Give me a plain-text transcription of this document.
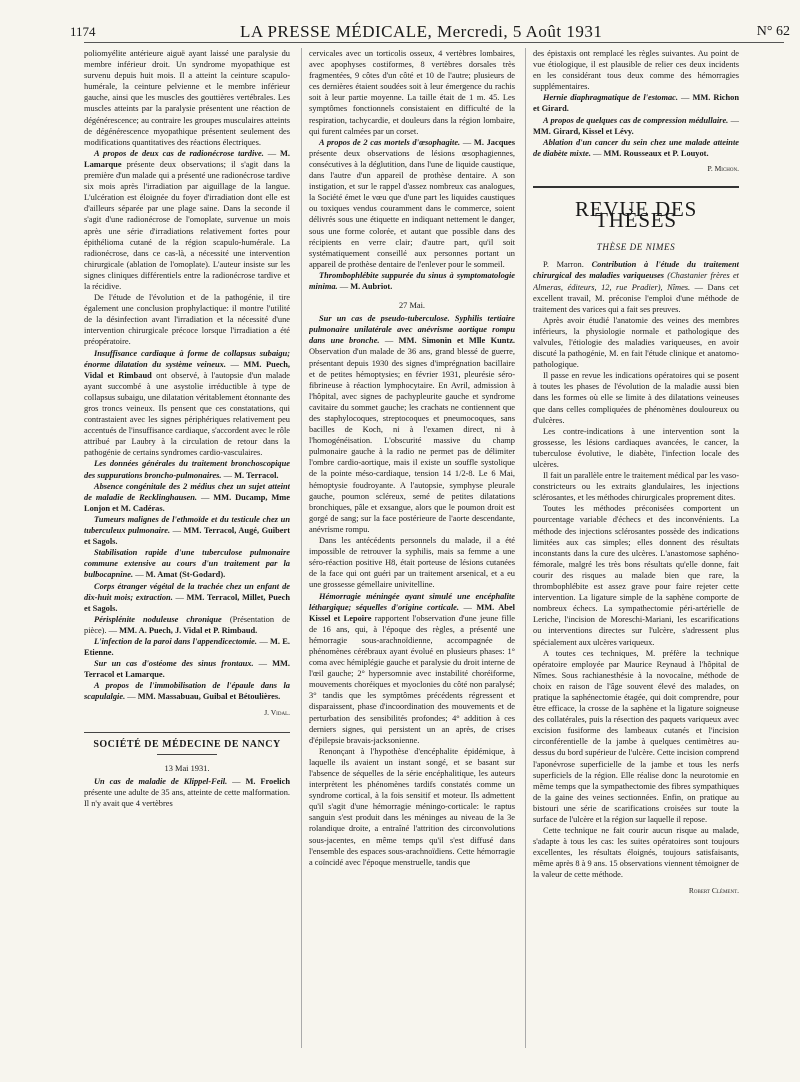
1174	LA PRESSE MÉDICALE, Mercredi, 5 Août 1931	N° 62

poliomyélite antérieure aiguë ayant laissé une paralysie du membre inférieur droit. Un syndrome myopathique est survenu depuis huit mois. Il a atteint la ceinture scapulo-humérale, la ceinture pelvienne et le membre inférieur gauche, ainsi que les muscles des gouttières vertébrales. Les muscles atteints par la paralysie présentent une réaction de dégénérescence; au contraire les groupes musculaires atteints de dégénérescence myopathique présentent seulement des modifications quantitatives des réactions électriques.

A propos de deux cas de radionécrose tardive. — M. Lamarque présente deux observations; il s'agit dans la première d'un malade qui a présenté une radionécrose tardive six mois après l'irradiation par aiguillage de la langue. L'ulcération est éloignée du foyer d'irradiation dont elle est d'ailleurs séparée par une plage saine. Dans la seconde il s'agit d'une radionécrose de l'omoplate, survenue un mois après une série d'irradiations relativement fortes pour épithélioma cutané de la région scapulo-humérale. La radionécrose, dans ce cas-là, a nécessité une intervention chirurgicale (ablation de l'omoplate). L'auteur insiste sur les signes cliniques différentiels entre la radionécrose tardive et la récidive.

De l'étude de l'évolution et de la pathogénie, il tire également une conclusion prophylactique: il montre l'utilité de la désinfection avant l'irradiation et la nécessité d'une intervention chirurgicale précoce lorsque l'irradiation a été préopératoire.

Insuffisance cardiaque à forme de collapsus subaigu; énorme dilatation du système veineux. — MM. Puech, Vidal et Rimbaud ont observé, à l'autopsie d'un malade ayant succombé à une asystolie irréductible à type de collapsus subaigu, une dilatation véritablement étonnante des gros troncs veineux. Ils pensent que ces constatations, qui contrastaient avec les signes périphériques relativement peu accentués de l'insuffisance cardiaque, s'accordent avec le rôle attribué par Laubry à la circulation de retour dans la pathogénie de certains syndromes cardio-vasculaires.

Les données générales du traitement bronchoscopique des suppurations broncho-pulmonaires. — M. Terracol.

Absence congénitale des 2 médius chez un sujet atteint de maladie de Recklinghausen. — MM. Ducamp, Mme Lonjon et M. Cadéras.

Tumeurs malignes de l'ethmoïde et du testicule chez un tuberculeux pulmonaire. — MM. Terracol, Augé, Guibert et Sagols.

Stabilisation rapide d'une tuberculose pulmonaire commune extensive au cours d'un traitement par la bulbocapnine. — M. Amat (St-Godard).

Corps étranger végétal de la trachée chez un enfant de dix-huit mois; extraction. — MM. Terracol, Millet, Puech et Sagols.

Périsplénite noduleuse chronique (Présentation de pièce). — MM. A. Puech, J. Vidal et P. Rimbaud.

L'infection de la paroi dans l'appendicectomie. — M. E. Etienne.

Sur un cas d'ostéome des sinus frontaux. — MM. Terracol et Lamarque.

A propos de l'immobilisation de l'épaule dans la scapulalgie. — MM. Massabuau, Guibal et Bétoulières.

J. Vidal.
SOCIÉTÉ DE MÉDECINE DE NANCY
13 Mai 1931.

Un cas de maladie de Klippel-Feil. — M. Froelich présente une adulte de 35 ans, atteinte de cette malformation. Il n'y avait que 4 vertèbres

cervicales avec un torticolis osseux, 4 vertèbres lombaires, avec apophyses costiformes, 8 vertèbres dorsales très fragmentées, 9 côtes d'un côté et 10 de l'autre; plusieurs de ces dernières étaient soudées soit à leur émergence du rachis soit à leur partie moyenne. La taille était de 1 m. 45. Les symptômes fonctionnels consistaient en difficulté de la respiration, tachycardie, et douleurs dans la région lombaire, qui furent calmées par un corset.

A propos de 2 cas mortels d'œsophagite. — M. Jacques présente deux observations de lésions œsophagiennes, consécutives à la déglutition, dans l'une de liquide caustique, dans l'autre d'un appareil de prothèse dentaire. A son instigation, et sur le rappel d'assez nombreux cas analogues, la Société émet le vœu que d'une part les liquides caustiques ou toxiques vendus couramment dans le commerce, soient délivrés sous une étiquette en indiquant nettement le danger, sous une forme colorée, et autant que possible dans des récipients en verre clair; d'autre part, qu'il soit systématiquement conseillé aux personnes portant un appareil de prothèse dentaire de l'enlever pour le sommeil.

Thrombophlébite suppurée du sinus à symptomatologie minima. — M. Aubriot.

27 Mai.

Sur un cas de pseudo-tuberculose. Syphilis tertiaire pulmonaire unilatérale avec anévrisme aortique rompu dans une bronche. — MM. Simonin et Mlle Kuntz. Observation d'un malade de 36 ans, grand blessé de guerre, présentant depuis 1930 des signes d'imprégnation bacillaire et de petites hémoptysies; en février 1931, pleurésie séro-fibrineuse à réaction lymphocytaire. En Avril, admission à l'hôpital, avec signes de pachypleurite gauche et syndrome cavitaire du sommet gauche; les crachats ne contiennent que des staphylocoques, streptocoques et pneumocoques, sans bacilles de Koch, ni à l'examen direct, ni à l'homogénéisation. L'obscurité massive du champ pulmonaire gauche à la radio ne permet pas de délimiter l'ombre cardio-aortique, mais il existe un souffle systolique de la pointe méso-cardiaque, tension 14 1/2-8. Le 6 Mai, hémoptysie foudroyante. A l'autopsie, symphyse pleurale gauche, poumon scléreux, semé de petites dilatations bronchiques, pâle et exsangue, alors que le poumon droit est gorgé de sang; sur la face postérieure de l'aorte descendante, anévrisme rompu.

Dans les antécédents personnels du malade, il a été impossible de retrouver la syphilis, mais sa femme a une séro-réaction positive H8, était porteuse de lésions cutanées de la face qui ont guéri par un traitement arsenical, et a eu une grossesse gémellaire univitelline.

Hémorragie méningée ayant simulé une encéphalite léthargique; séquelles d'origine corticale. — MM. Abel Kissel et Lepoire rapportent l'observation d'une jeune fille de 16 ans, qui, à l'époque des règles, a présenté une hémorragie sous-arachnoïdienne, accompagnée de phénomènes cérébraux ayant évolué en plusieurs phases: 1° coma avec hémiplégie gauche et paralysie du droit interne de l'œil gauche; 2° hypersomnie avec instabilité choréiforme, mouvements choréiques et myoclonies du côté non paralysé; 3° tandis que les symptômes précédents régressent et disparaissent, phase d'incoordination des mouvements et de perturbation des sensibilités profondes; 4° addition à ces derniers signes, qui persistent un an après, de crises d'épilepsie bravais-jacksonienne.

Renonçant à l'hypothèse d'encéphalite épidémique, à laquelle ils avaient un instant songé, et se basant sur l'absence de séquelles de la série encéphalitique, les auteurs interprètent les phénomènes tardifs constatés comme un syndrome cortical, à la fois sensitif et moteur. Ils admettent qu'il s'agit d'une hémorragie méningo-corticale: le raptus sanguin s'est produit dans les méninges au niveau de la 3e rolandique droite, a entraîné l'attrition des circonvolutions sous-jacentes, en même temps qu'il s'est diffusé dans l'ensemble des espaces sous-arachnoïdiens. Cette hémorragie a coïncidé avec l'époque menstruelle, tandis que

des épistaxis ont remplacé les règles suivantes. Au point de vue étiologique, il est plausible de relier ces deux incidents en les considérant tous deux comme des hémorragies supplémentaires.

Hernie diaphragmatique de l'estomac. — MM. Richon et Girard.

A propos de quelques cas de compression médullaire. — MM. Girard, Kissel et Lévy.

Ablation d'un cancer du sein chez une malade atteinte de diabète mixte. — MM. Rousseaux et P. Louyot.

P. Michon.
REVUE DES THÈSES
THÈSE DE NIMES

P. Marron. Contribution à l'étude du traitement chirurgical des maladies variqueuses (Chastanier frères et Almeras, éditeurs, 12, rue Pradier), Nîmes. — Dans cet excellent travail, M. préconise l'emploi d'une méthode de traitement des varices qui a fait ses preuves.

Après avoir étudié l'anatomie des veines des membres inférieurs, la physiologie normale et pathologique des valvules, l'étiologie des maladies variqueuses, en avoir discuté la pathogénie, M. en fait l'étude clinique et anatomo-pathologique.

Il passe en revue les indications opératoires qui se posent à toutes les phases de l'évolution de la maladie aussi bien dans les formes où elle se limite à des dilatations veineuses que dans celles compliquées de phénomènes douloureux ou d'ulcères.

Les contre-indications à une intervention sont la grossesse, les lésions cardiaques avancées, le cancer, la tuberculose évolutive, le diabète, l'infection locale des ulcères.

Il fait un parallèle entre le traitement médical par les vaso-constricteurs ou les extraits glandulaires, les injections sclérosantes, et les méthodes chirurgicales proprement dites.

Toutes les méthodes préconisées comportent un pourcentage variable d'échecs et des inconvénients. La méthode des injections sclérosantes possède des indications limitées aux cas simples; elles donnent des résultats inconstants dans la cure des ulcères. L'anastomose saphéno-fémorale, malgré les très bons résultats qu'elle donne, fait courir des risques au malade bien que rare, la thrombophlébite est assez grave pour faire rejeter cette intervention. La ligature simple de la saphène comporte de nombreux échecs. La sympathectomie péri-artérielle de Leriche, l'incision de Moreschi-Mariani, les escarifications ou interventions directes sur l'ulcère, s'adressent plus spécialement aux ulcères variqueux.

A toutes ces techniques, M. préfère la technique opératoire employée par Maurice Reynaud à l'hôpital de Nîmes. Sous rachianesthésie à la novocaïne, méthode de choix en raison de l'âge souvent élevé des malades, on pratique la saphénectomie étagée, qui doit comprendre, pour être efficace, la crosse de la saphène et la ligature soigneuse des collatérales, puis la résection des paquets variqueux avec excision fusiforme des lambeaux cutanés et l'incision circonférentielle de la jambe à quelques centimètres au-dessus du bord supérieur de l'ulcère. Cette incision comprend l'aponévrose superficielle de la jambe et tous les nerfs superficiels de la région. Elle réalise donc la neurotomie en même temps que la sympathectomie des fibres sympathiques de la gaine des veines sectionnées. Enfin, on pratique au bistouri une série de scarifications croisées sur toute la surface de l'ulcère et la région sur laquelle il repose.

Cette technique ne fait courir aucun risque au malade, s'adapte à tous les cas: les suites opératoires sont toujours excellentes, les résultats éloignés, toujours satisfaisants, même après 8 à 9 ans. 15 observations viennent témoigner de la valeur de cette méthode.

Robert Clément.
